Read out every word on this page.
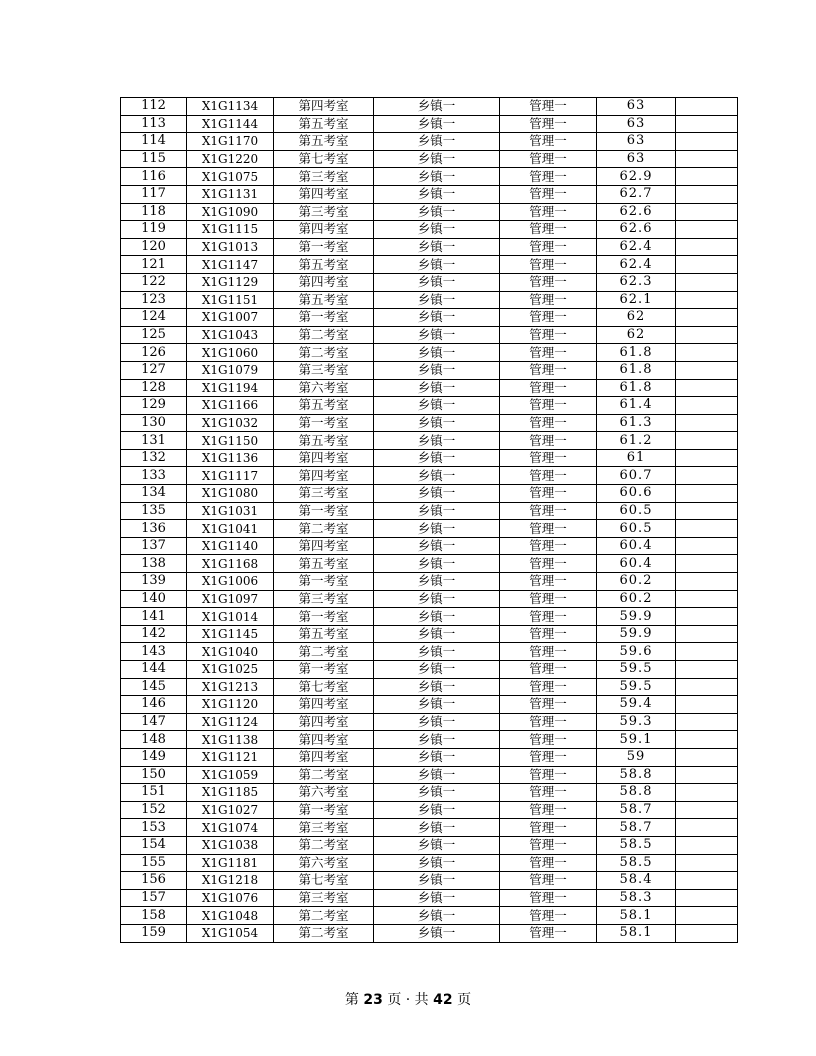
112	X1G1134	第四考室	乡镇一	管理一	63	
113	X1G1144	第五考室	乡镇一	管理一	63	
114	X1G1170	第五考室	乡镇一	管理一	63	
115	X1G1220	第七考室	乡镇一	管理一	63	
116	X1G1075	第三考室	乡镇一	管理一	62.9	
117	X1G1131	第四考室	乡镇一	管理一	62.7	
118	X1G1090	第三考室	乡镇一	管理一	62.6	
119	X1G1115	第四考室	乡镇一	管理一	62.6	
120	X1G1013	第一考室	乡镇一	管理一	62.4	
121	X1G1147	第五考室	乡镇一	管理一	62.4	
122	X1G1129	第四考室	乡镇一	管理一	62.3	
123	X1G1151	第五考室	乡镇一	管理一	62.1	
124	X1G1007	第一考室	乡镇一	管理一	62	
125	X1G1043	第二考室	乡镇一	管理一	62	
126	X1G1060	第二考室	乡镇一	管理一	61.8	
127	X1G1079	第三考室	乡镇一	管理一	61.8	
128	X1G1194	第六考室	乡镇一	管理一	61.8	
129	X1G1166	第五考室	乡镇一	管理一	61.4	
130	X1G1032	第一考室	乡镇一	管理一	61.3	
131	X1G1150	第五考室	乡镇一	管理一	61.2	
132	X1G1136	第四考室	乡镇一	管理一	61	
133	X1G1117	第四考室	乡镇一	管理一	60.7	
134	X1G1080	第三考室	乡镇一	管理一	60.6	
135	X1G1031	第一考室	乡镇一	管理一	60.5	
136	X1G1041	第二考室	乡镇一	管理一	60.5	
137	X1G1140	第四考室	乡镇一	管理一	60.4	
138	X1G1168	第五考室	乡镇一	管理一	60.4	
139	X1G1006	第一考室	乡镇一	管理一	60.2	
140	X1G1097	第三考室	乡镇一	管理一	60.2	
141	X1G1014	第一考室	乡镇一	管理一	59.9	
142	X1G1145	第五考室	乡镇一	管理一	59.9	
143	X1G1040	第二考室	乡镇一	管理一	59.6	
144	X1G1025	第一考室	乡镇一	管理一	59.5	
145	X1G1213	第七考室	乡镇一	管理一	59.5	
146	X1G1120	第四考室	乡镇一	管理一	59.4	
147	X1G1124	第四考室	乡镇一	管理一	59.3	
148	X1G1138	第四考室	乡镇一	管理一	59.1	
149	X1G1121	第四考室	乡镇一	管理一	59	
150	X1G1059	第二考室	乡镇一	管理一	58.8	
151	X1G1185	第六考室	乡镇一	管理一	58.8	
152	X1G1027	第一考室	乡镇一	管理一	58.7	
153	X1G1074	第三考室	乡镇一	管理一	58.7	
154	X1G1038	第二考室	乡镇一	管理一	58.5	
155	X1G1181	第六考室	乡镇一	管理一	58.5	
156	X1G1218	第七考室	乡镇一	管理一	58.4	
157	X1G1076	第三考室	乡镇一	管理一	58.3	
158	X1G1048	第二考室	乡镇一	管理一	58.1	
159	X1G1054	第二考室	乡镇一	管理一	58.1	
第 23 页 · 共 42 页
